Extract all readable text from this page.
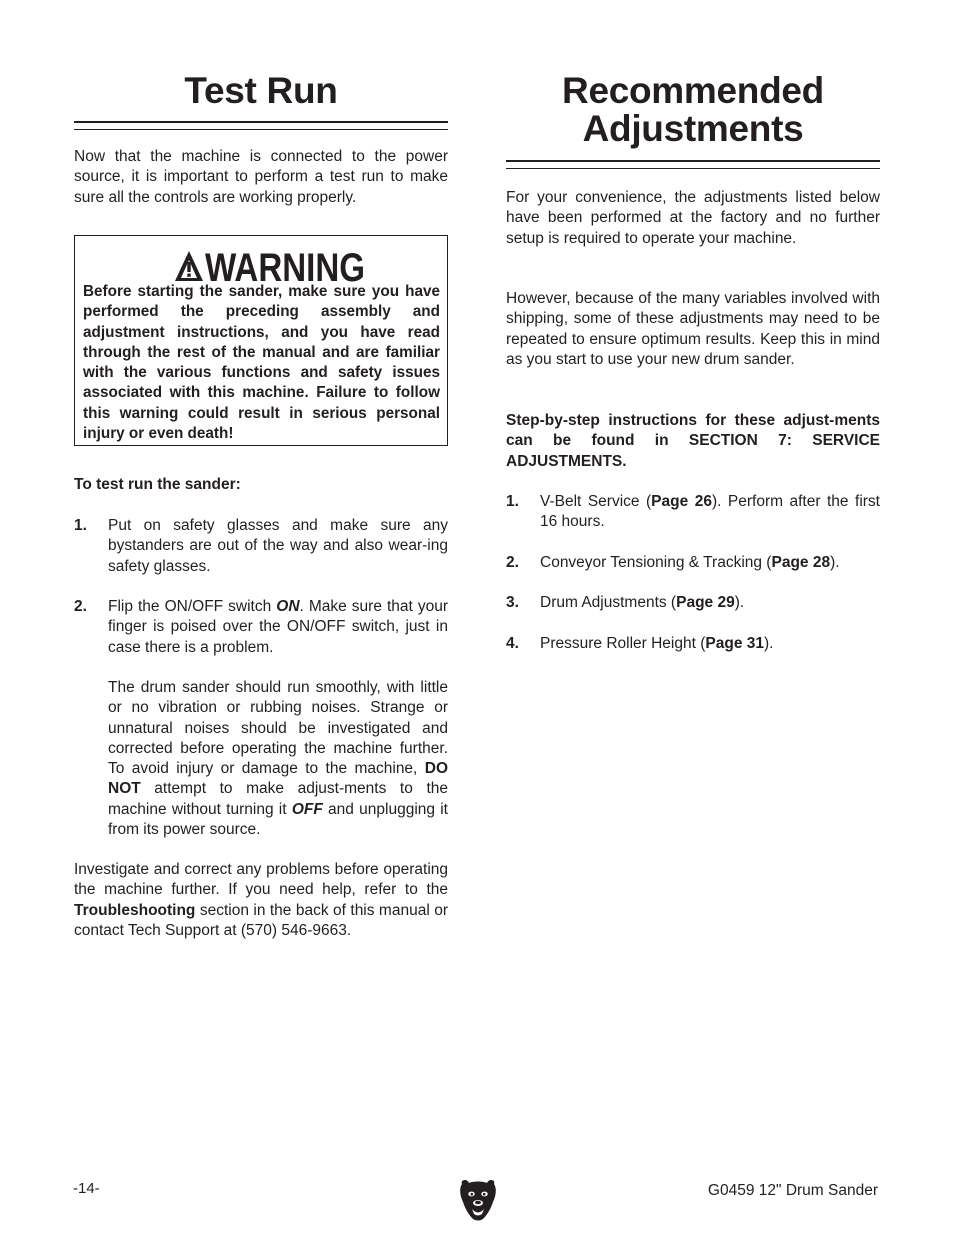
Test Run

Now that the machine is connected to the power source, it is important to perform a test run to make sure all the controls are working properly.

WARNING
Before starting the sander, make sure you have performed the preceding assembly and adjustment instructions, and you have read through the rest of the manual and are familiar with the various functions and safety issues associated with this machine. Failure to follow this warning could result in serious personal injury or even death!

To test run the sander:

1. Put on safety glasses and make sure any bystanders are out of the way and also wear-ing safety glasses.

2. Flip the ON/OFF switch ON. Make sure that your finger is poised over the ON/OFF switch, just in case there is a problem.

The drum sander should run smoothly, with little or no vibration or rubbing noises. Strange or unnatural noises should be investigated and corrected before operating the machine further. To avoid injury or damage to the machine, DO NOT attempt to make adjust-ments to the machine without turning it OFF and unplugging it from its power source.

Investigate and correct any problems before operating the machine further. If you need help, refer to the Troubleshooting section in the back of this manual or contact Tech Support at (570) 546-9663.

Recommended
Adjustments

For your convenience, the adjustments listed below have been performed at the factory and no further setup is required to operate your machine.

However, because of the many variables involved with shipping, some of these adjustments may need to be repeated to ensure optimum results. Keep this in mind as you start to use your new drum sander.

Step-by-step instructions for these adjust-ments can be found in SECTION 7: SERVICE ADJUSTMENTS.

1. V-Belt Service (Page 26). Perform after the first 16 hours.

2. Conveyor Tensioning & Tracking (Page 28).

3. Drum Adjustments (Page 29).

4. Pressure Roller Height (Page 31).

-14-	G0459 12" Drum Sander
